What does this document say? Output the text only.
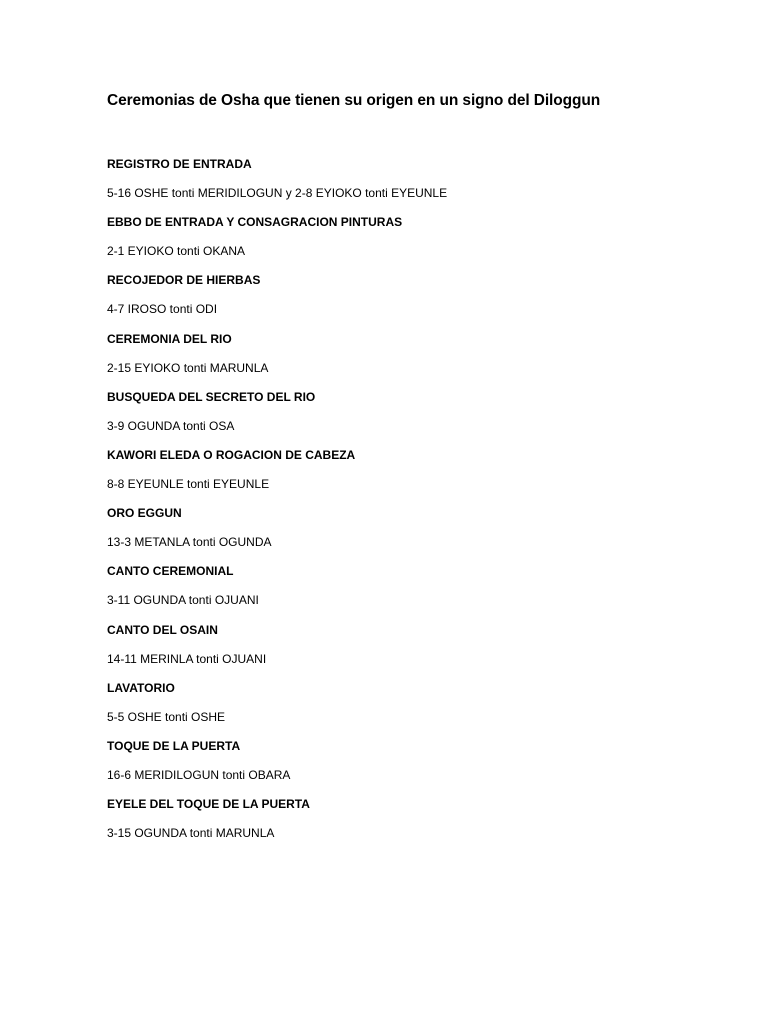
Ceremonias de Osha que tienen su origen en un signo del Diloggun
REGISTRO DE ENTRADA
5-16 OSHE tonti MERIDILOGUN y 2-8 EYIOKO tonti EYEUNLE
EBBO DE ENTRADA Y CONSAGRACION PINTURAS
2-1 EYIOKO tonti OKANA
RECOJEDOR DE HIERBAS
4-7 IROSO tonti ODI
CEREMONIA DEL RIO
2-15 EYIOKO tonti MARUNLA
BUSQUEDA DEL SECRETO DEL RIO
3-9 OGUNDA tonti OSA
KAWORI ELEDA O ROGACION DE CABEZA
8-8 EYEUNLE tonti EYEUNLE
ORO EGGUN
13-3 METANLA tonti OGUNDA
CANTO CEREMONIAL
3-11 OGUNDA tonti OJUANI
CANTO DEL OSAIN
14-11 MERINLA tonti OJUANI
LAVATORIO
5-5 OSHE tonti OSHE
TOQUE DE LA PUERTA
16-6 MERIDILOGUN tonti OBARA
EYELE DEL TOQUE DE LA PUERTA
3-15 OGUNDA tonti MARUNLA
